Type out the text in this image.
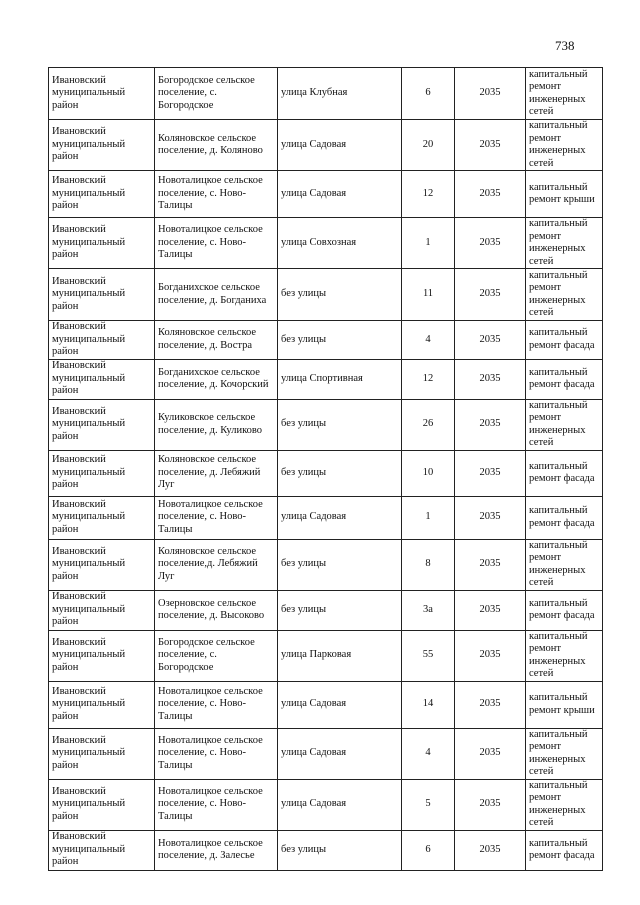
738
Ивановский муниципальный район	Богородское сельское поселение, с. Богородское	улица Клубная	6	2035	капитальный ремонт инженерных сетей
Ивановский муниципальный район	Коляновское сельское поселение, д. Коляново	улица Садовая	20	2035	капитальный ремонт инженерных сетей
Ивановский муниципальный район	Новоталицкое сельское поселение, с. Ново-Талицы	улица Садовая	12	2035	капитальный ремонт крыши
Ивановский муниципальный район	Новоталицкое сельское поселение, с. Ново-Талицы	улица Совхозная	1	2035	капитальный ремонт инженерных сетей
Ивановский муниципальный район	Богданихское сельское поселение, д. Богданиха	без улицы	11	2035	капитальный ремонт инженерных сетей
Ивановский муниципальный район	Коляновское сельское поселение, д. Востра	без улицы	4	2035	капитальный ремонт фасада
Ивановский муниципальный район	Богданихское сельское поселение, д. Кочорский	улица Спортивная	12	2035	капитальный ремонт фасада
Ивановский муниципальный район	Куликовское сельское поселение, д. Куликово	без улицы	26	2035	капитальный ремонт инженерных сетей
Ивановский муниципальный район	Коляновское сельское поселение, д. Лебяжий Луг	без улицы	10	2035	капитальный ремонт фасада
Ивановский муниципальный район	Новоталицкое сельское поселение, с. Ново-Талицы	улица Садовая	1	2035	капитальный ремонт фасада
Ивановский муниципальный район	Коляновское сельское поселение,д. Лебяжий Луг	без улицы	8	2035	капитальный ремонт инженерных сетей
Ивановский муниципальный район	Озерновское сельское поселение, д. Высоково	без улицы	3а	2035	капитальный ремонт фасада
Ивановский муниципальный район	Богородское сельское поселение, с. Богородское	улица Парковая	55	2035	капитальный ремонт инженерных сетей
Ивановский муниципальный район	Новоталицкое сельское поселение, с. Ново-Талицы	улица Садовая	14	2035	капитальный ремонт крыши
Ивановский муниципальный район	Новоталицкое сельское поселение, с. Ново-Талицы	улица Садовая	4	2035	капитальный ремонт инженерных сетей
Ивановский муниципальный район	Новоталицкое сельское поселение, с. Ново-Талицы	улица Садовая	5	2035	капитальный ремонт инженерных сетей
Ивановский муниципальный район	Новоталицкое сельское поселение, д. Залесье	без улицы	6	2035	капитальный ремонт фасада
